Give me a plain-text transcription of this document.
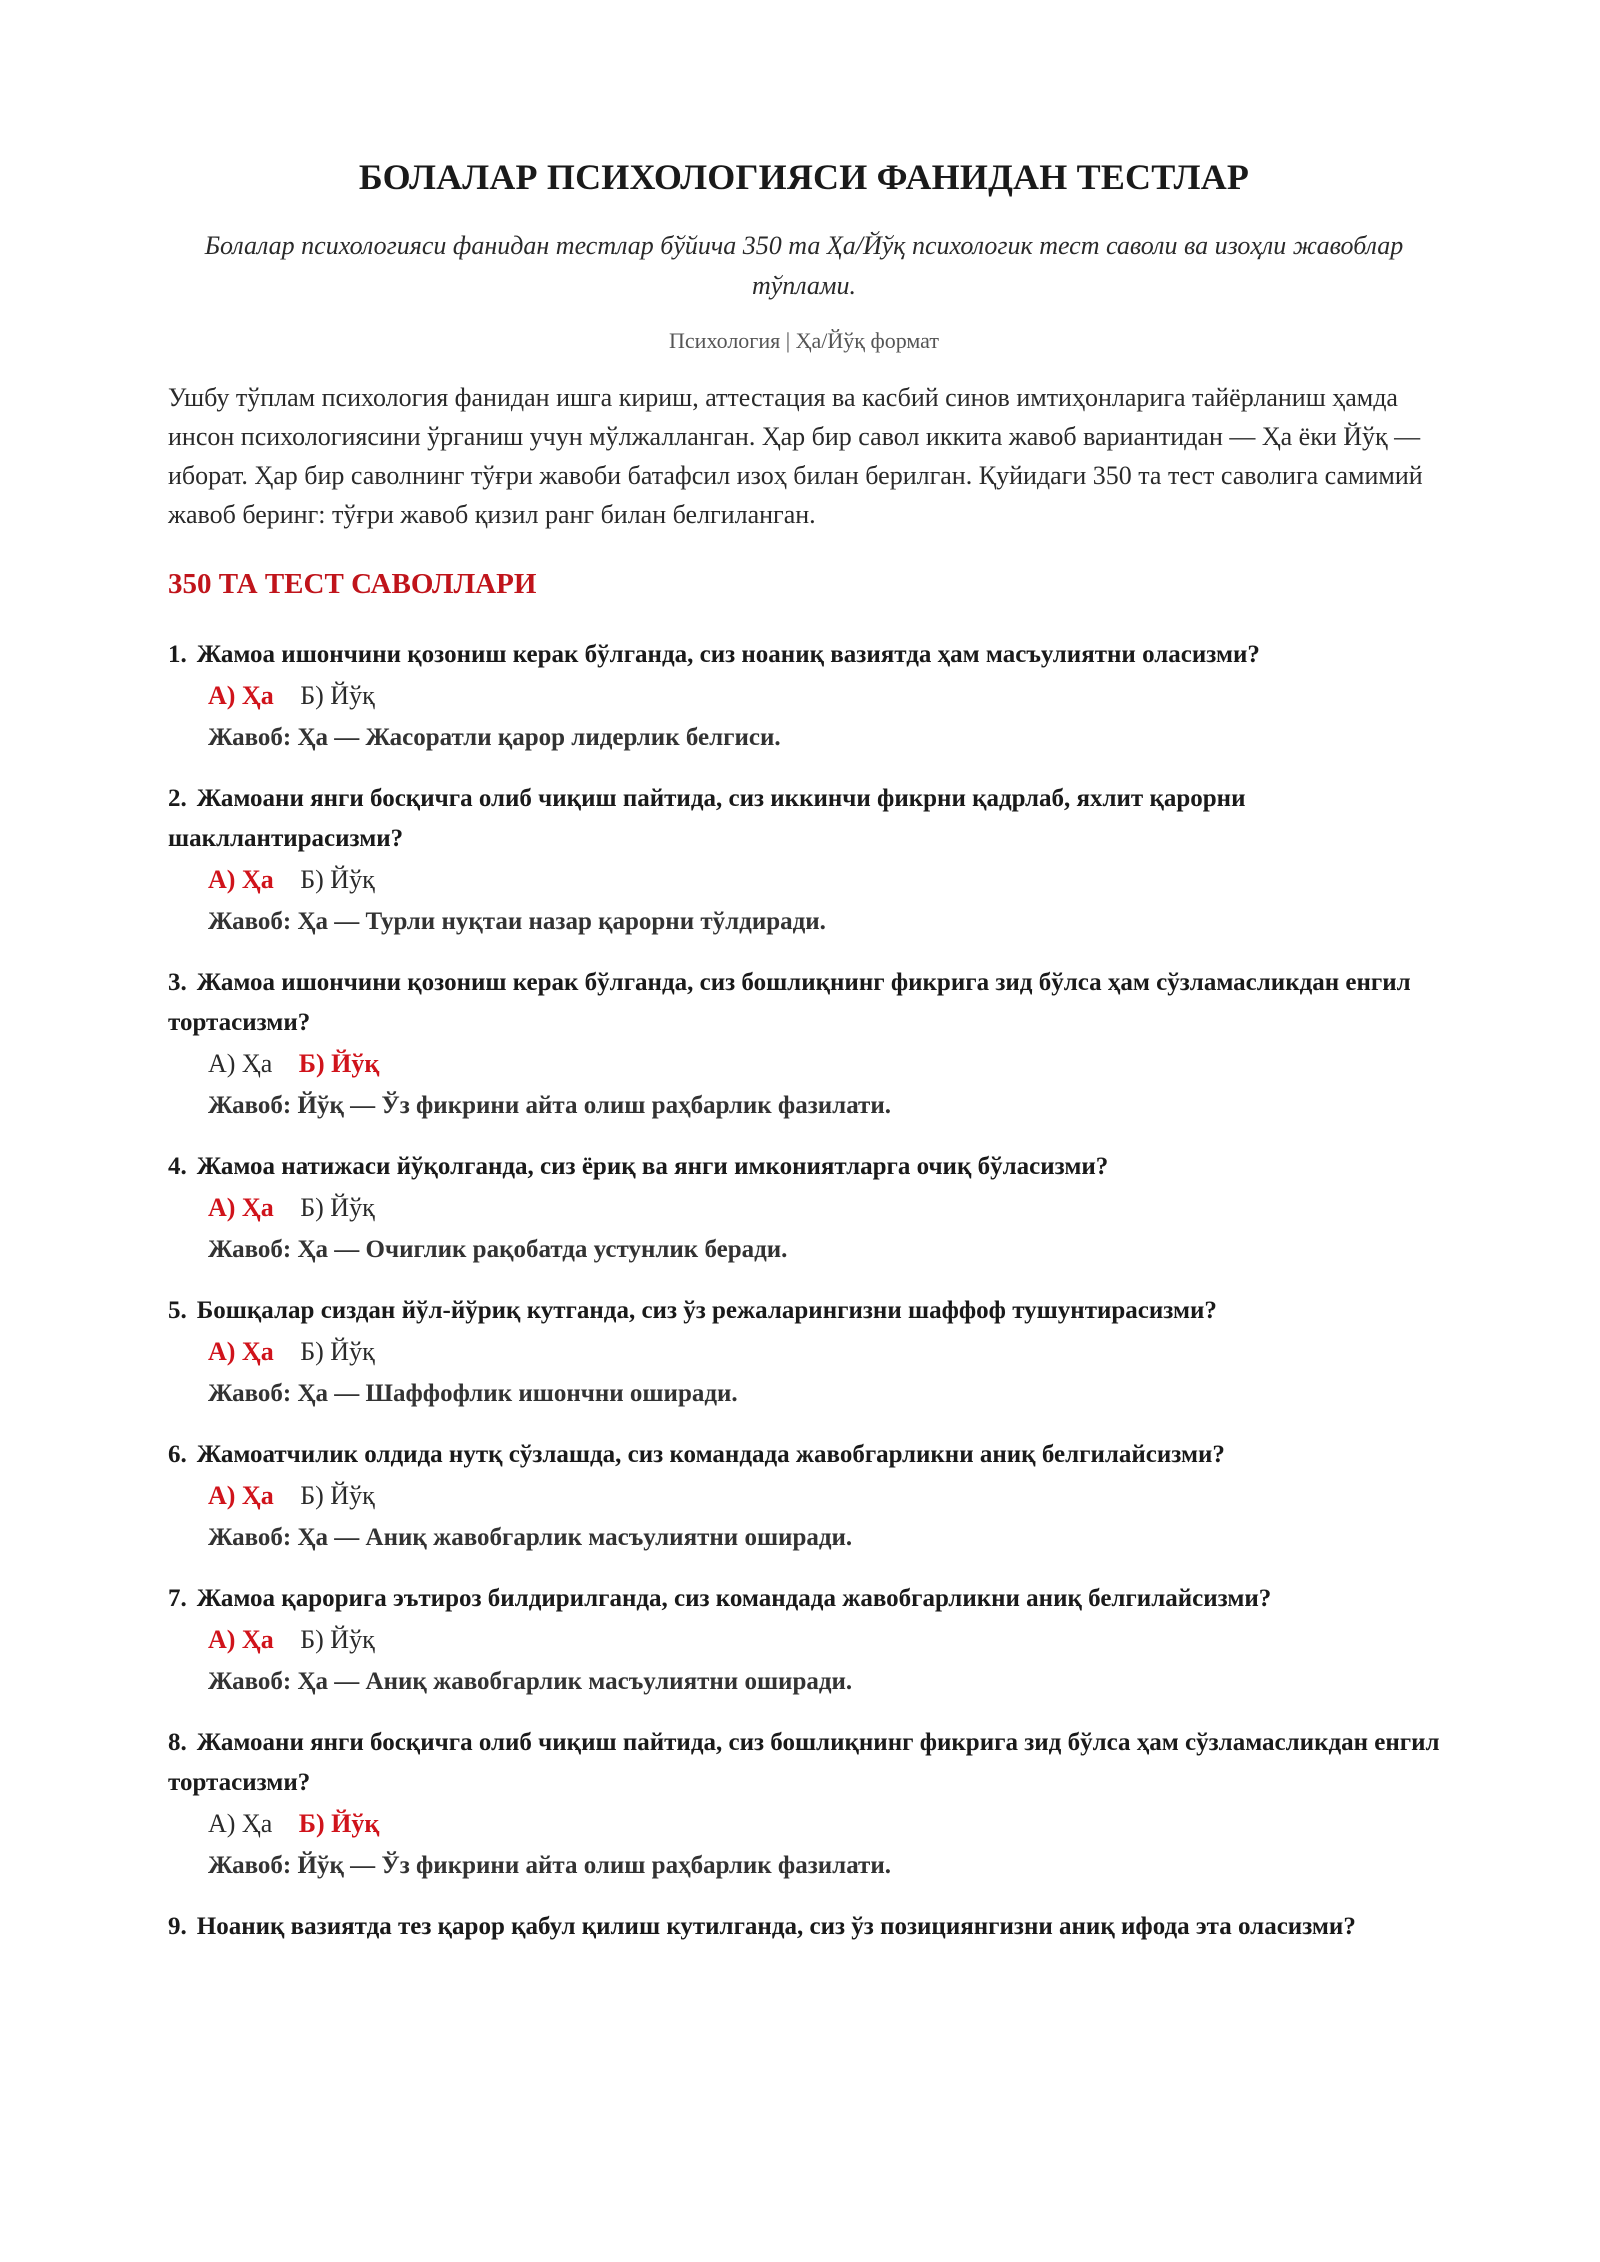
БОЛАЛАР ПСИХОЛОГИЯСИ ФАНИДАН ТЕСТЛАР
Болалар психологияси фанидан тестлар бўйича 350 та Ҳа/Йўқ психологик тест саволи ва изоҳли жавоблар тўплами.
Психология | Ҳа/Йўқ формат
Ушбу тўплам психология фанидан ишга кириш, аттестация ва касбий синов имтиҳонларига тайёрланиш ҳамда инсон психологиясини ўрганиш учун мўлжалланган. Ҳар бир савол иккита жавоб вариантидан — Ҳа ёки Йўқ — иборат. Ҳар бир саволнинг тўғри жавоби батафсил изоҳ билан берилган. Қуйидаги 350 та тест саволига самимий жавоб беринг: тўғри жавоб қизил ранг билан белгиланган.
350 ТА ТЕСТ САВОЛЛАРИ
1. Жамоа ишончини қозониш керак бўлганда, сиз ноаниқ вазиятда ҳам масъулиятни оласизми?
А) Ҳа Б) Йўқ
Жавоб: Ҳа — Жасоратли қарор лидерлик белгиси.
2. Жамоани янги босқичга олиб чиқиш пайтида, сиз иккинчи фикрни қадрлаб, яхлит қарорни шакллантирасизми?
А) Ҳа Б) Йўқ
Жавоб: Ҳа — Турли нуқтаи назар қарорни тўлдиради.
3. Жамоа ишончини қозониш керак бўлганда, сиз бошлиқнинг фикрига зид бўлса ҳам сўзламасликдан енгил тортасизми?
А) Ҳа Б) Йўқ
Жавоб: Йўқ — Ўз фикрини айта олиш раҳбарлик фазилати.
4. Жамоа натижаси йўқолганда, сиз ёриқ ва янги имкониятларга очиқ бўласизми?
А) Ҳа Б) Йўқ
Жавоб: Ҳа — Очиглик рақобатда устунлик беради.
5. Бошқалар сиздан йўл-йўриқ кутганда, сиз ўз режаларингизни шаффоф тушунтирасизми?
А) Ҳа Б) Йўқ
Жавоб: Ҳа — Шаффофлик ишончни оширади.
6. Жамоатчилик олдида нутқ сўзлашда, сиз командада жавобгарликни аниқ белгилайсизми?
А) Ҳа Б) Йўқ
Жавоб: Ҳа — Аниқ жавобгарлик масъулиятни оширади.
7. Жамоа қарорига эътироз билдирилганда, сиз командада жавобгарликни аниқ белгилайсизми?
А) Ҳа Б) Йўқ
Жавоб: Ҳа — Аниқ жавобгарлик масъулиятни оширади.
8. Жамоани янги босқичга олиб чиқиш пайтида, сиз бошлиқнинг фикрига зид бўлса ҳам сўзламасликдан енгил тортасизми?
А) Ҳа Б) Йўқ
Жавоб: Йўқ — Ўз фикрини айта олиш раҳбарлик фазилати.
9. Ноаниқ вазиятда тез қарор қабул қилиш кутилганда, сиз ўз позициянгизни аниқ ифода эта оласизми?
